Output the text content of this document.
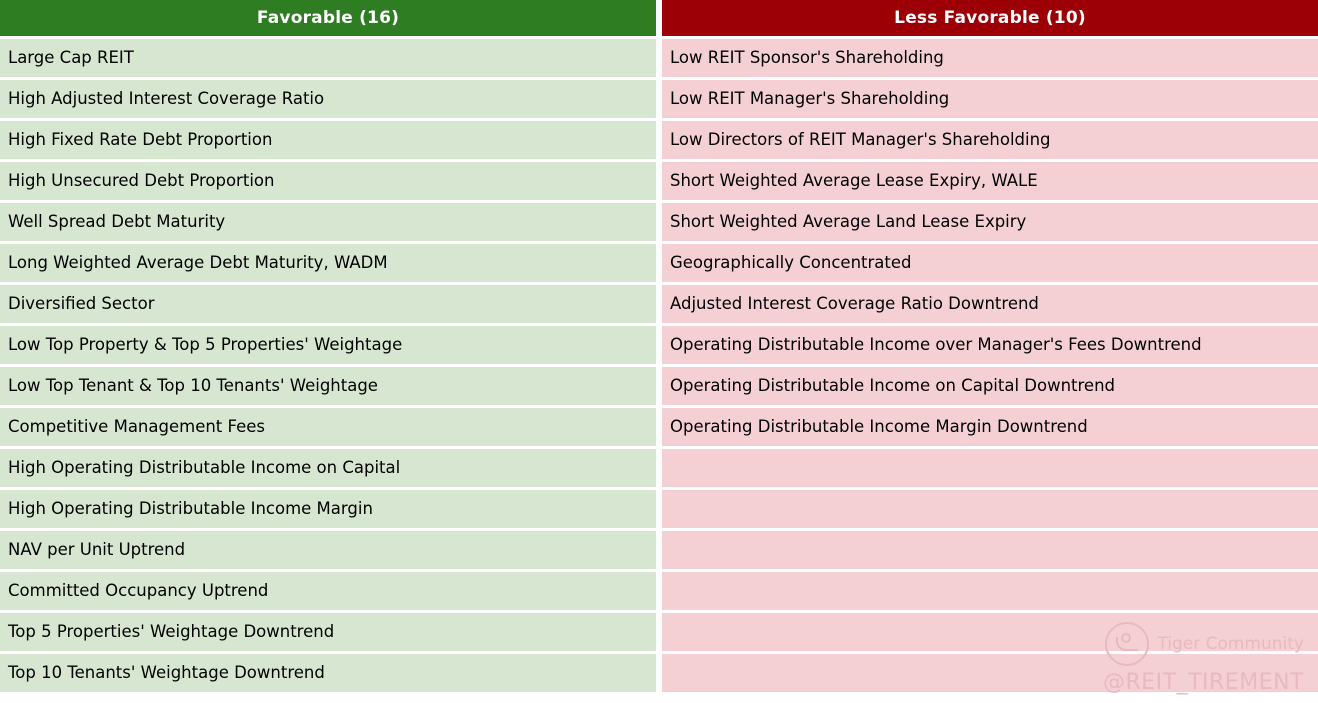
Favorable (16)
Large Cap REIT
High Adjusted Interest Coverage Ratio
High Fixed Rate Debt Proportion
High Unsecured Debt Proportion
Well Spread Debt Maturity
Long Weighted Average Debt Maturity, WADM
Diversified Sector
Low Top Property & Top 5 Properties' Weightage
Low Top Tenant & Top 10 Tenants' Weightage
Competitive Management Fees
High Operating Distributable Income on Capital
High Operating Distributable Income Margin
NAV per Unit Uptrend
Committed Occupancy Uptrend
Top 5 Properties' Weightage Downtrend
Top 10 Tenants' Weightage Downtrend
Less Favorable (10)
Low REIT Sponsor's Shareholding
Low REIT Manager's Shareholding
Low Directors of REIT Manager's Shareholding
Short Weighted Average Lease Expiry, WALE
Short Weighted Average Land Lease Expiry
Geographically Concentrated
Adjusted Interest Coverage Ratio Downtrend
Operating Distributable Income over Manager's Fees Downtrend
Operating Distributable Income on Capital Downtrend
Operating Distributable Income Margin Downtrend
Tiger Community
@REIT_TIREMENT
